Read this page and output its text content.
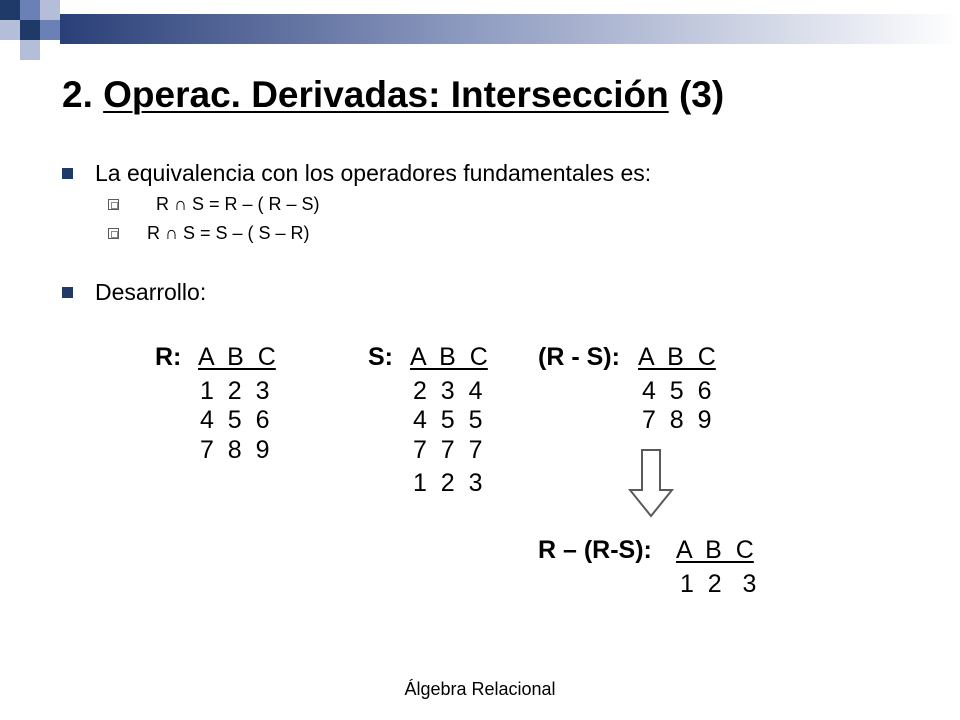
2. Operac. Derivadas: Intersección (3)
La equivalencia con los operadores fundamentales es:
R ∩ S = R – ( R – S)
R ∩ S = S – ( S – R)
Desarrollo:
R: A  B  C
1  2  3
4  5  6
7  8  9
S: A  B  C
2  3  4
4  5  5
7  7  7
1  2  3
(R - S): A  B  C
4  5  6
7  8  9
R – (R-S): A  B  C
1  2   3
Álgebra Relacional
